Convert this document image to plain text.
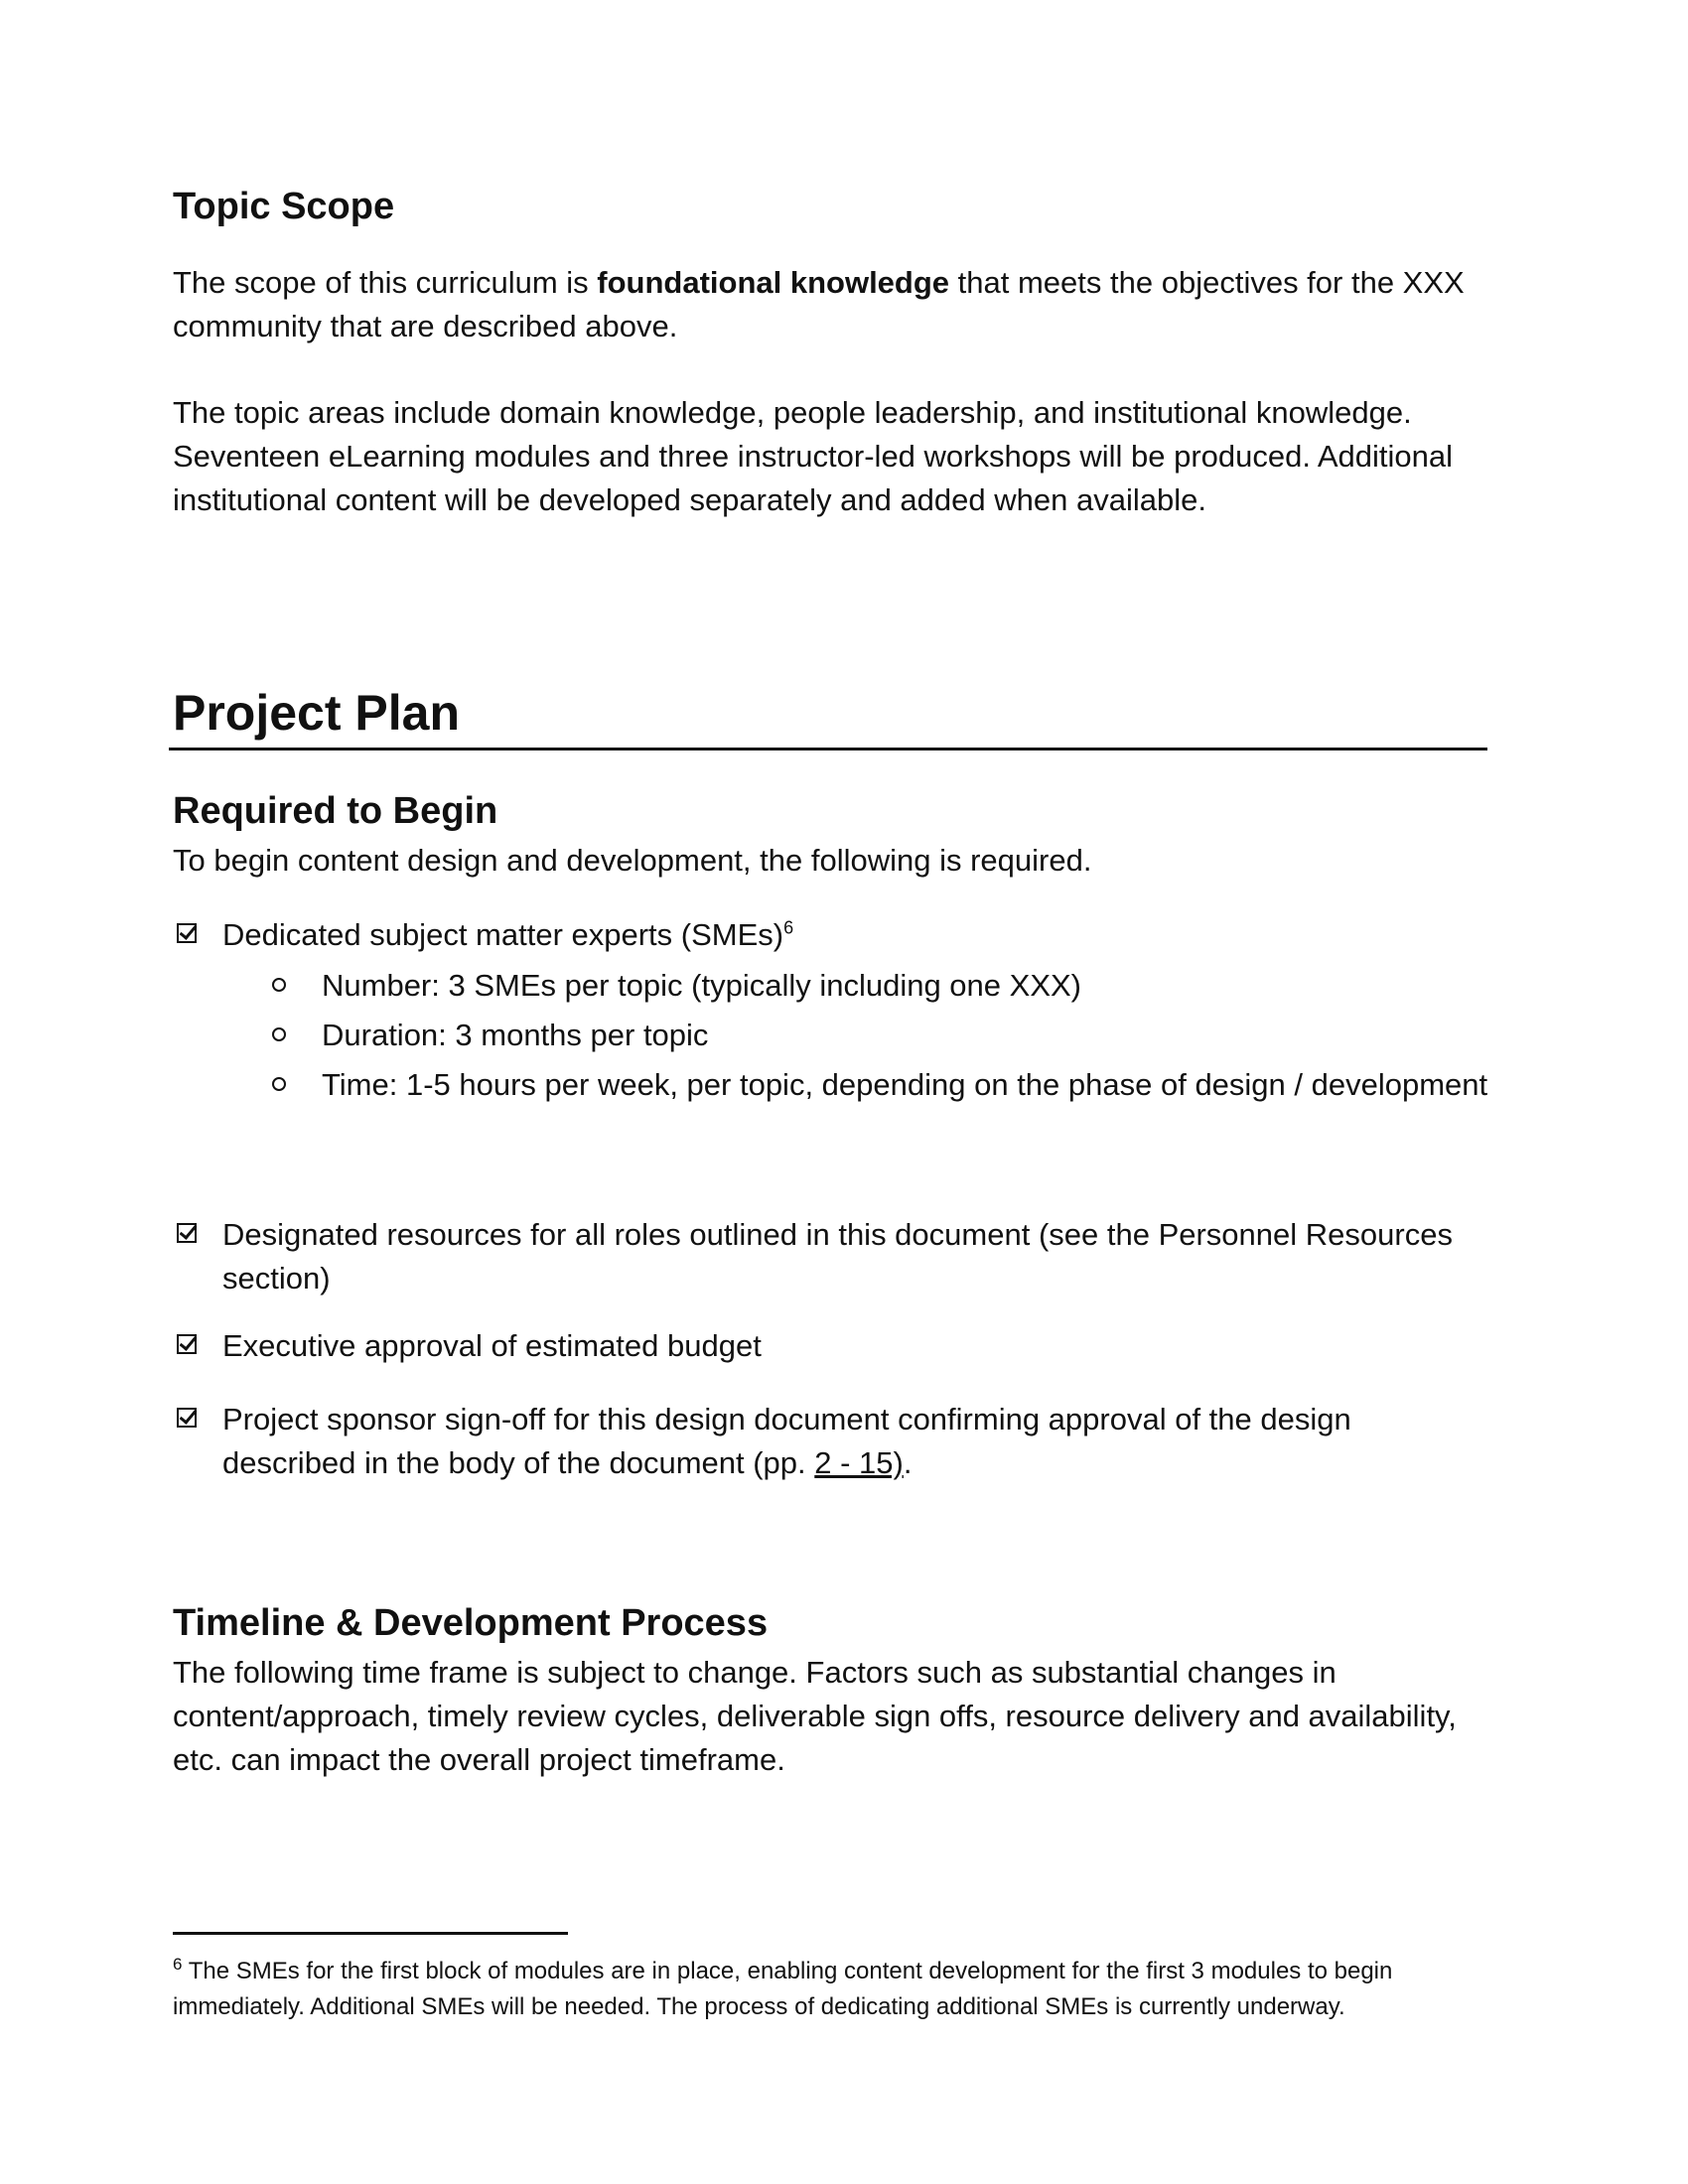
Topic Scope

The scope of this curriculum is foundational knowledge that meets the objectives for the XXX community that are described above.

The topic areas include domain knowledge, people leadership, and institutional knowledge. Seventeen eLearning modules and three instructor-led workshops will be produced. Additional institutional content will be developed separately and added when available.

Project Plan
Required to Begin

To begin content design and development, the following is required.

Dedicated subject matter experts (SMEs)$^6$
Number: 3 SMEs per topic (typically including one XXX)
Duration: 3 months per topic
Time: 1-5 hours per week, per topic, depending on the phase of design / development
Designated resources for all roles outlined in this document (see the Personnel Resources section)
Executive approval of estimated budget
Project sponsor sign-off for this design document confirming approval of the design described in the body of the document (pp. 2 - 15).
Timeline & Development Process

The following time frame is subject to change. Factors such as substantial changes in content/approach, timely review cycles, deliverable sign offs, resource delivery and availability, etc. can impact the overall project timeframe.

$^6$ The SMEs for the first block of modules are in place, enabling content development for the first 3 modules to begin immediately. Additional SMEs will be needed. The process of dedicating additional SMEs is currently underway.
